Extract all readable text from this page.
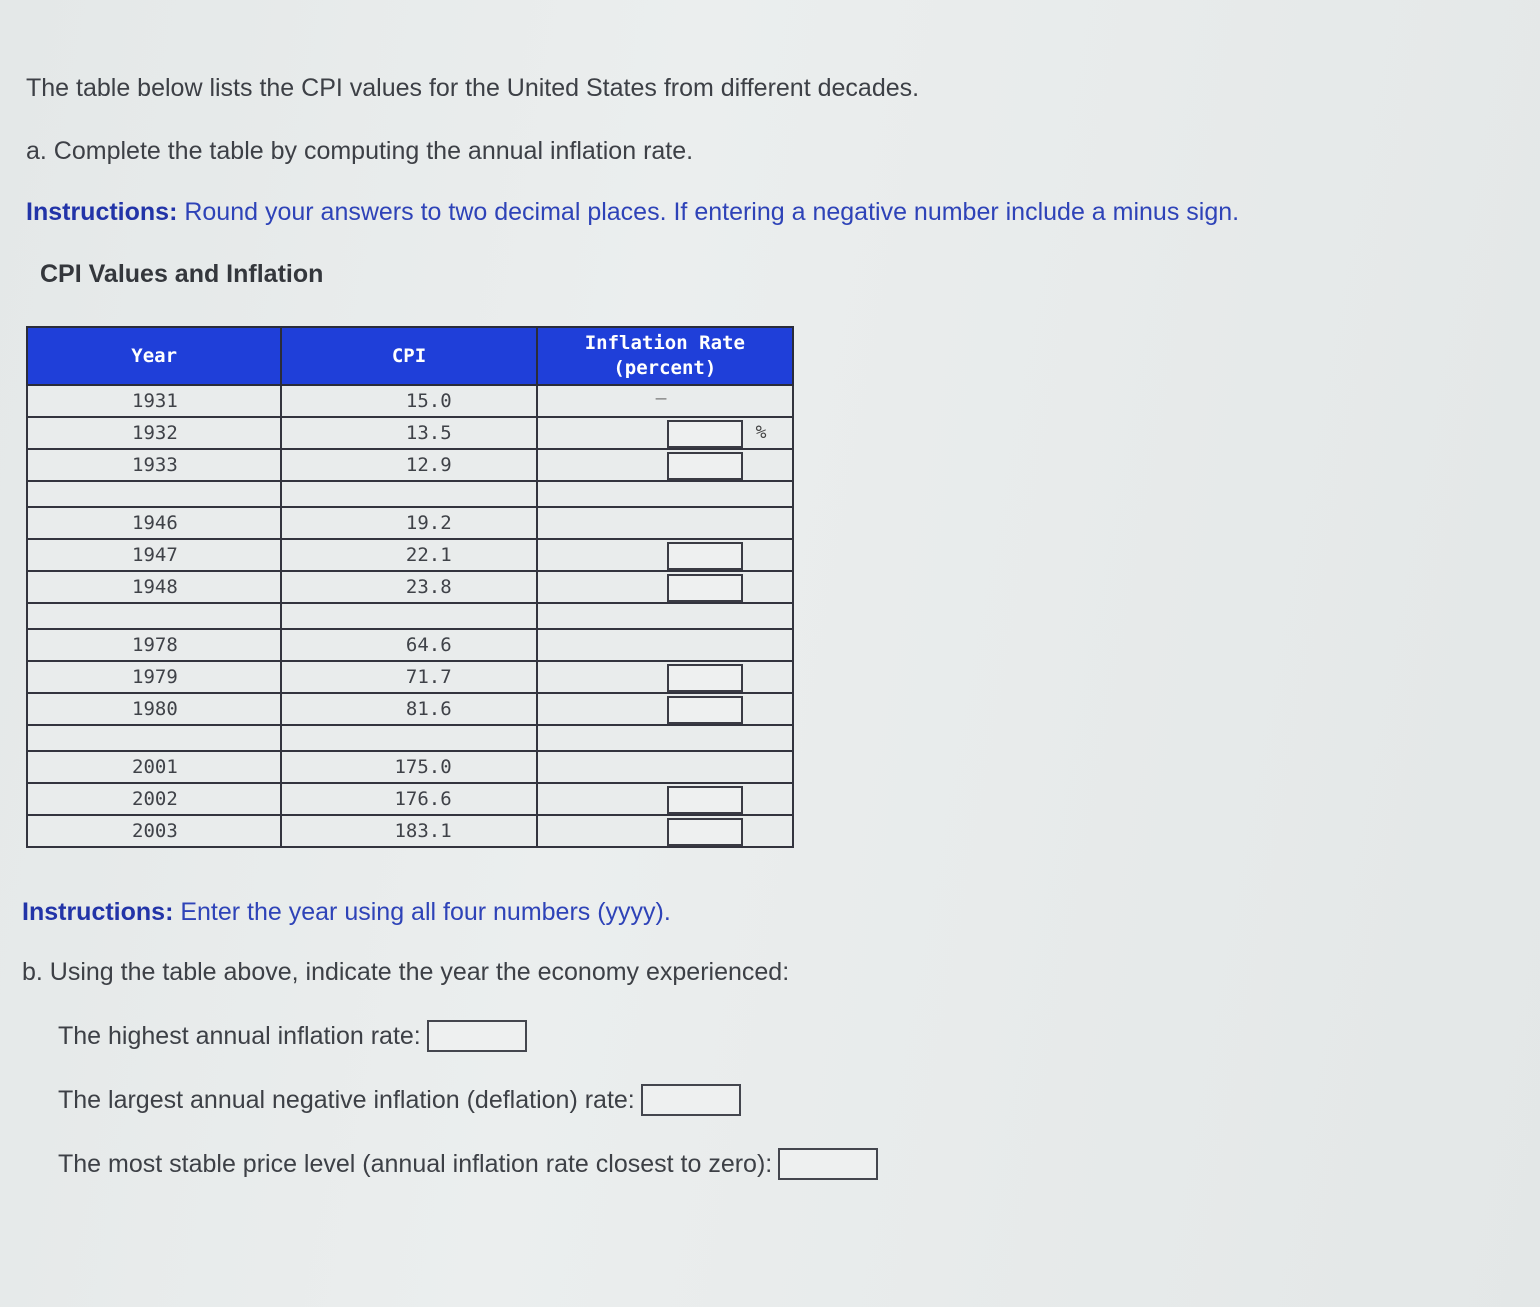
The table below lists the CPI values for the United States from different decades.
a. Complete the table by computing the annual inflation rate.
Instructions: Round your answers to two decimal places. If entering a negative number include a minus sign.
CPI Values and Inflation
Year	CPI	Inflation Rate
(percent)
1931	15.0	–

1932	13.5	%

1933	12.9	

1946	19.2	
1947	22.1	

1948	23.8	

1978	64.6	
1979	71.7	

1980	81.6	

2001	175.0	
2002	176.6	

2003	183.1	
Instructions: Enter the year using all four numbers (yyyy).
b. Using the table above, indicate the year the economy experienced:
The highest annual inflation rate:
The largest annual negative inflation (deflation) rate:
The most stable price level (annual inflation rate closest to zero):
